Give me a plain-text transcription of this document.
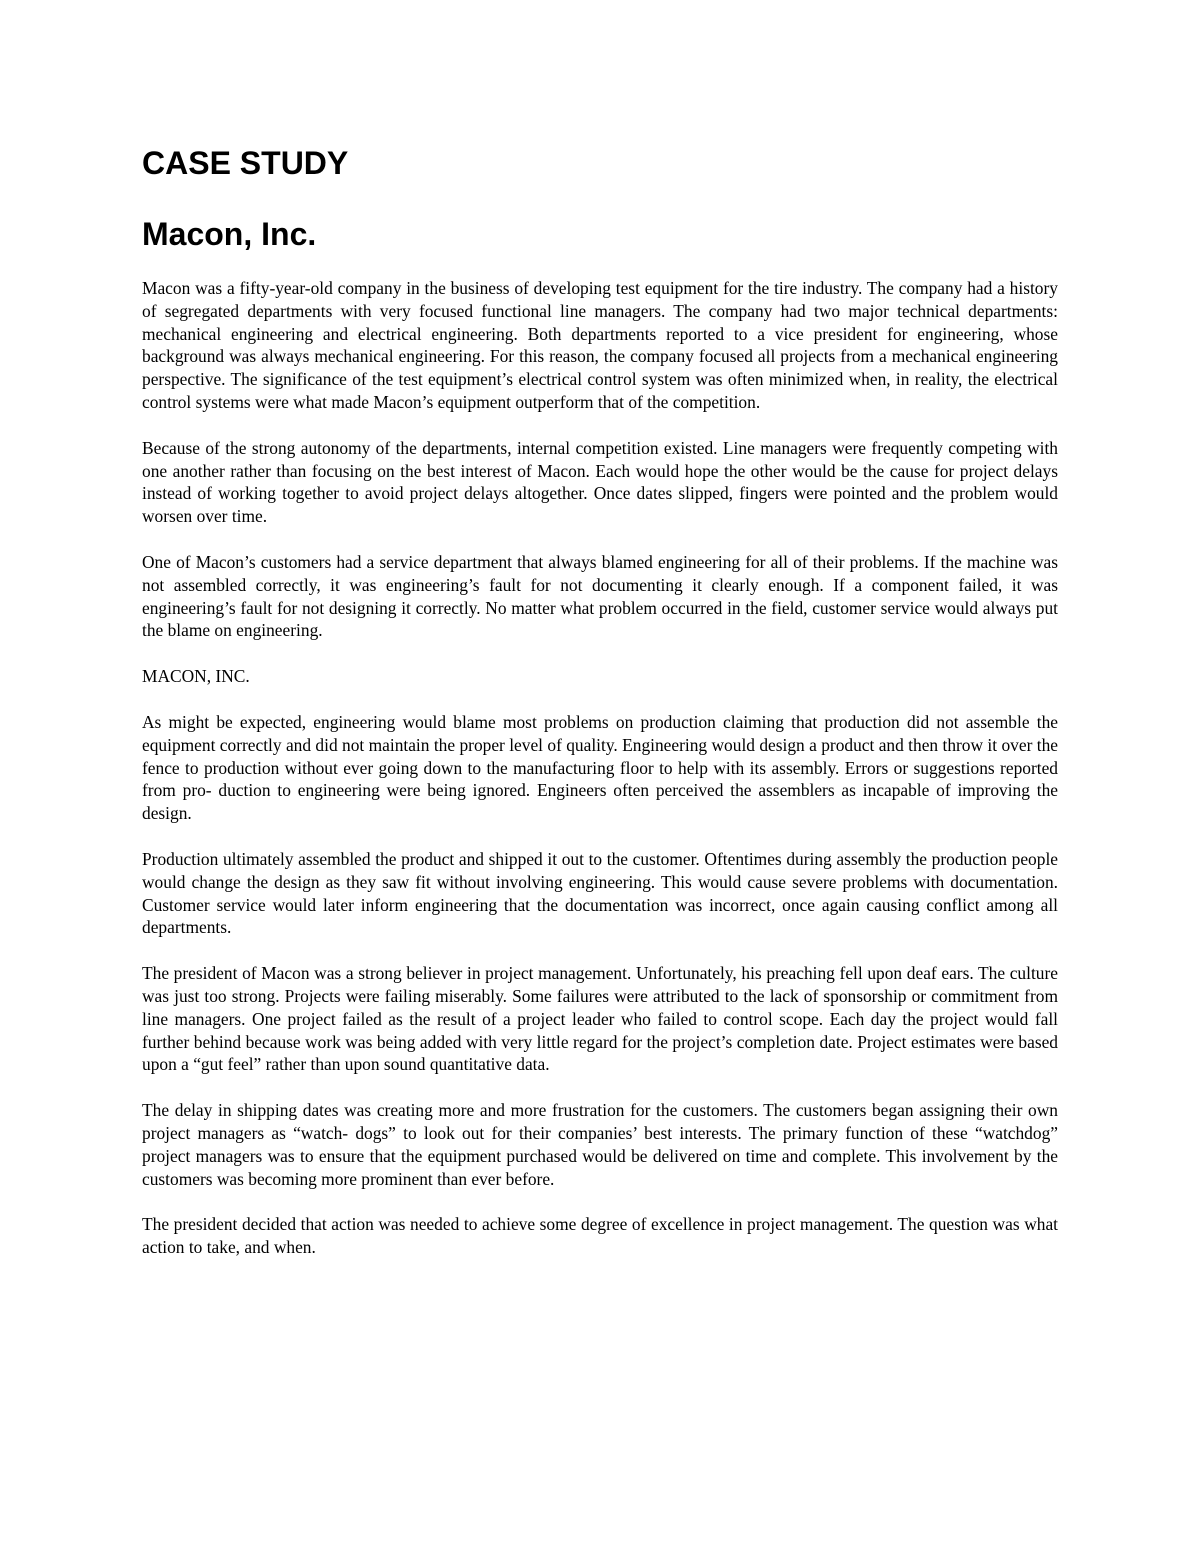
CASE STUDY
Macon, Inc.

Macon was a fifty-year-old company in the business of developing test equipment for the tire industry. The company had a history of segregated departments with very focused functional line managers. The company had two major technical departments: mechanical engineering and electrical engineering. Both departments reported to a vice president for engineering, whose background was always mechanical engineering. For this reason, the company focused all projects from a mechanical engineering perspective. The significance of the test equipment’s electrical control system was often minimized when, in reality, the electrical control systems were what made Macon’s equipment outperform that of the competition.

Because of the strong autonomy of the departments, internal competition existed. Line managers were frequently competing with one another rather than focusing on the best interest of Macon. Each would hope the other would be the cause for project delays instead of working together to avoid project delays altogether. Once dates slipped, fingers were pointed and the problem would worsen over time.

One of Macon’s customers had a service department that always blamed engineering for all of their problems. If the machine was not assembled correctly, it was engineering’s fault for not documenting it clearly enough. If a component failed, it was engineering’s fault for not designing it correctly. No matter what problem occurred in the field, customer service would always put the blame on engineering.

MACON, INC.

As might be expected, engineering would blame most problems on production claiming that production did not assemble the equipment correctly and did not maintain the proper level of quality. Engineering would design a product and then throw it over the fence to production without ever going down to the manufacturing floor to help with its assembly. Errors or suggestions reported from pro- duction to engineering were being ignored. Engineers often perceived the assemblers as incapable of improving the design.

Production ultimately assembled the product and shipped it out to the customer. Oftentimes during assembly the production people would change the design as they saw fit without involving engineering. This would cause severe problems with documentation. Customer service would later inform engineering that the documentation was incorrect, once again causing conflict among all departments.

The president of Macon was a strong believer in project management. Unfortunately, his preaching fell upon deaf ears. The culture was just too strong. Projects were failing miserably. Some failures were attributed to the lack of sponsorship or commitment from line managers. One project failed as the result of a project leader who failed to control scope. Each day the project would fall further behind because work was being added with very little regard for the project’s completion date. Project estimates were based upon a “gut feel” rather than upon sound quantitative data.

The delay in shipping dates was creating more and more frustration for the customers. The customers began assigning their own project managers as “watch- dogs” to look out for their companies’ best interests. The primary function of these “watchdog” project managers was to ensure that the equipment purchased would be delivered on time and complete. This involvement by the customers was becoming more prominent than ever before.

The president decided that action was needed to achieve some degree of excellence in project management. The question was what action to take, and when.
